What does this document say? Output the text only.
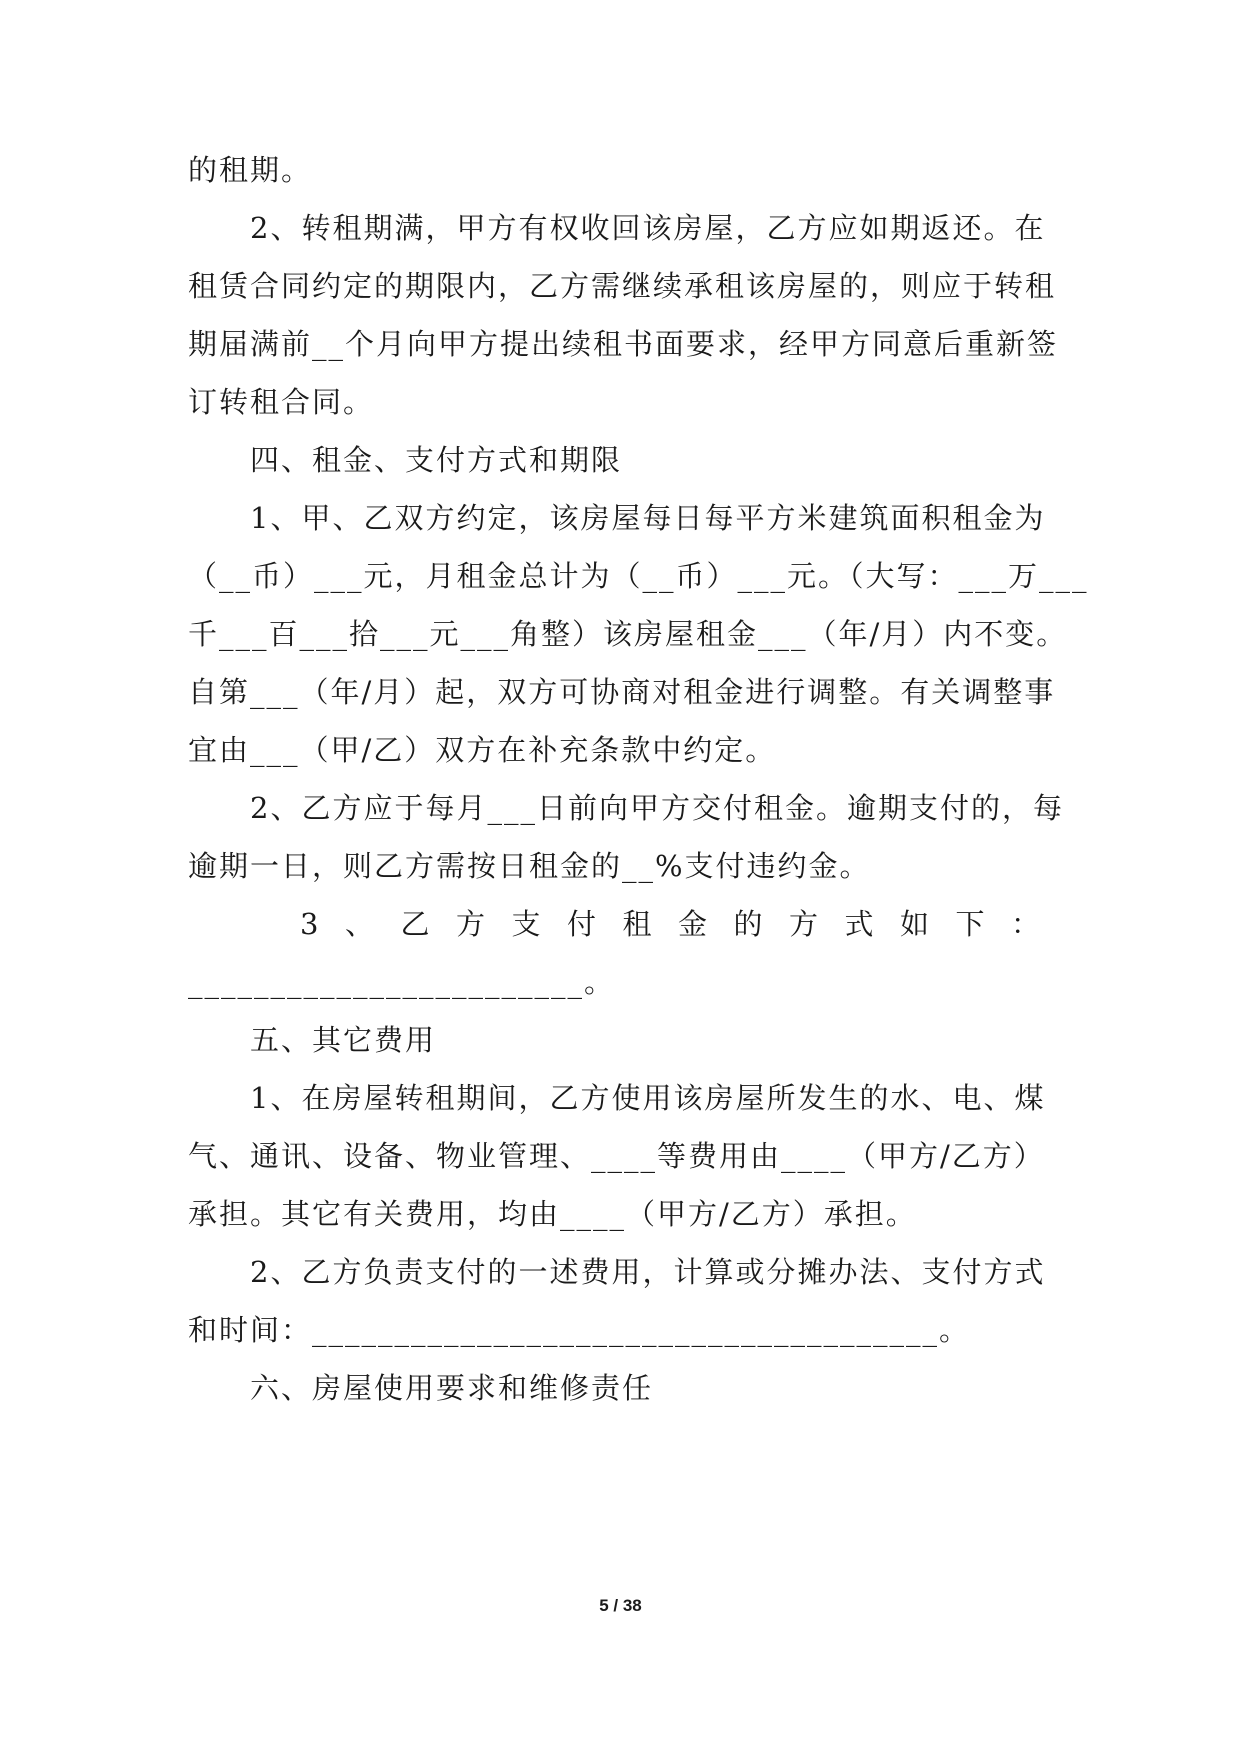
的租期。
2、转租期满，甲方有权收回该房屋，乙方应如期返还。在
租赁合同约定的期限内，乙方需继续承租该房屋的，则应于转租
期届满前__个月向甲方提出续租书面要求，经甲方同意后重新签
订转租合同。
四、租金、支付方式和期限
1、甲、乙双方约定，该房屋每日每平方米建筑面积租金为
（__币）___元，月租金总计为（__币）___元。（大写：___万___
千___百___拾___元___角整）该房屋租金___（年/月）内不变。
自第___（年/月）起，双方可协商对租金进行调整。有关调整事
宜由___（甲/乙）双方在补充条款中约定。
2、乙方应于每月___日前向甲方交付租金。逾期支付的，每
逾期一日，则乙方需按日租金的__%支付违约金。
3 、 乙 方 支 付 租 金 的 方 式 如 下 ：
________________________。
五、其它费用
1、在房屋转租期间，乙方使用该房屋所发生的水、电、煤
气、通讯、设备、物业管理、____等费用由____（甲方/乙方）
承担。其它有关费用，均由____（甲方/乙方）承担。
2、乙方负责支付的一述费用，计算或分摊办法、支付方式
和时间：______________________________________。
六、房屋使用要求和维修责任
5 / 38
